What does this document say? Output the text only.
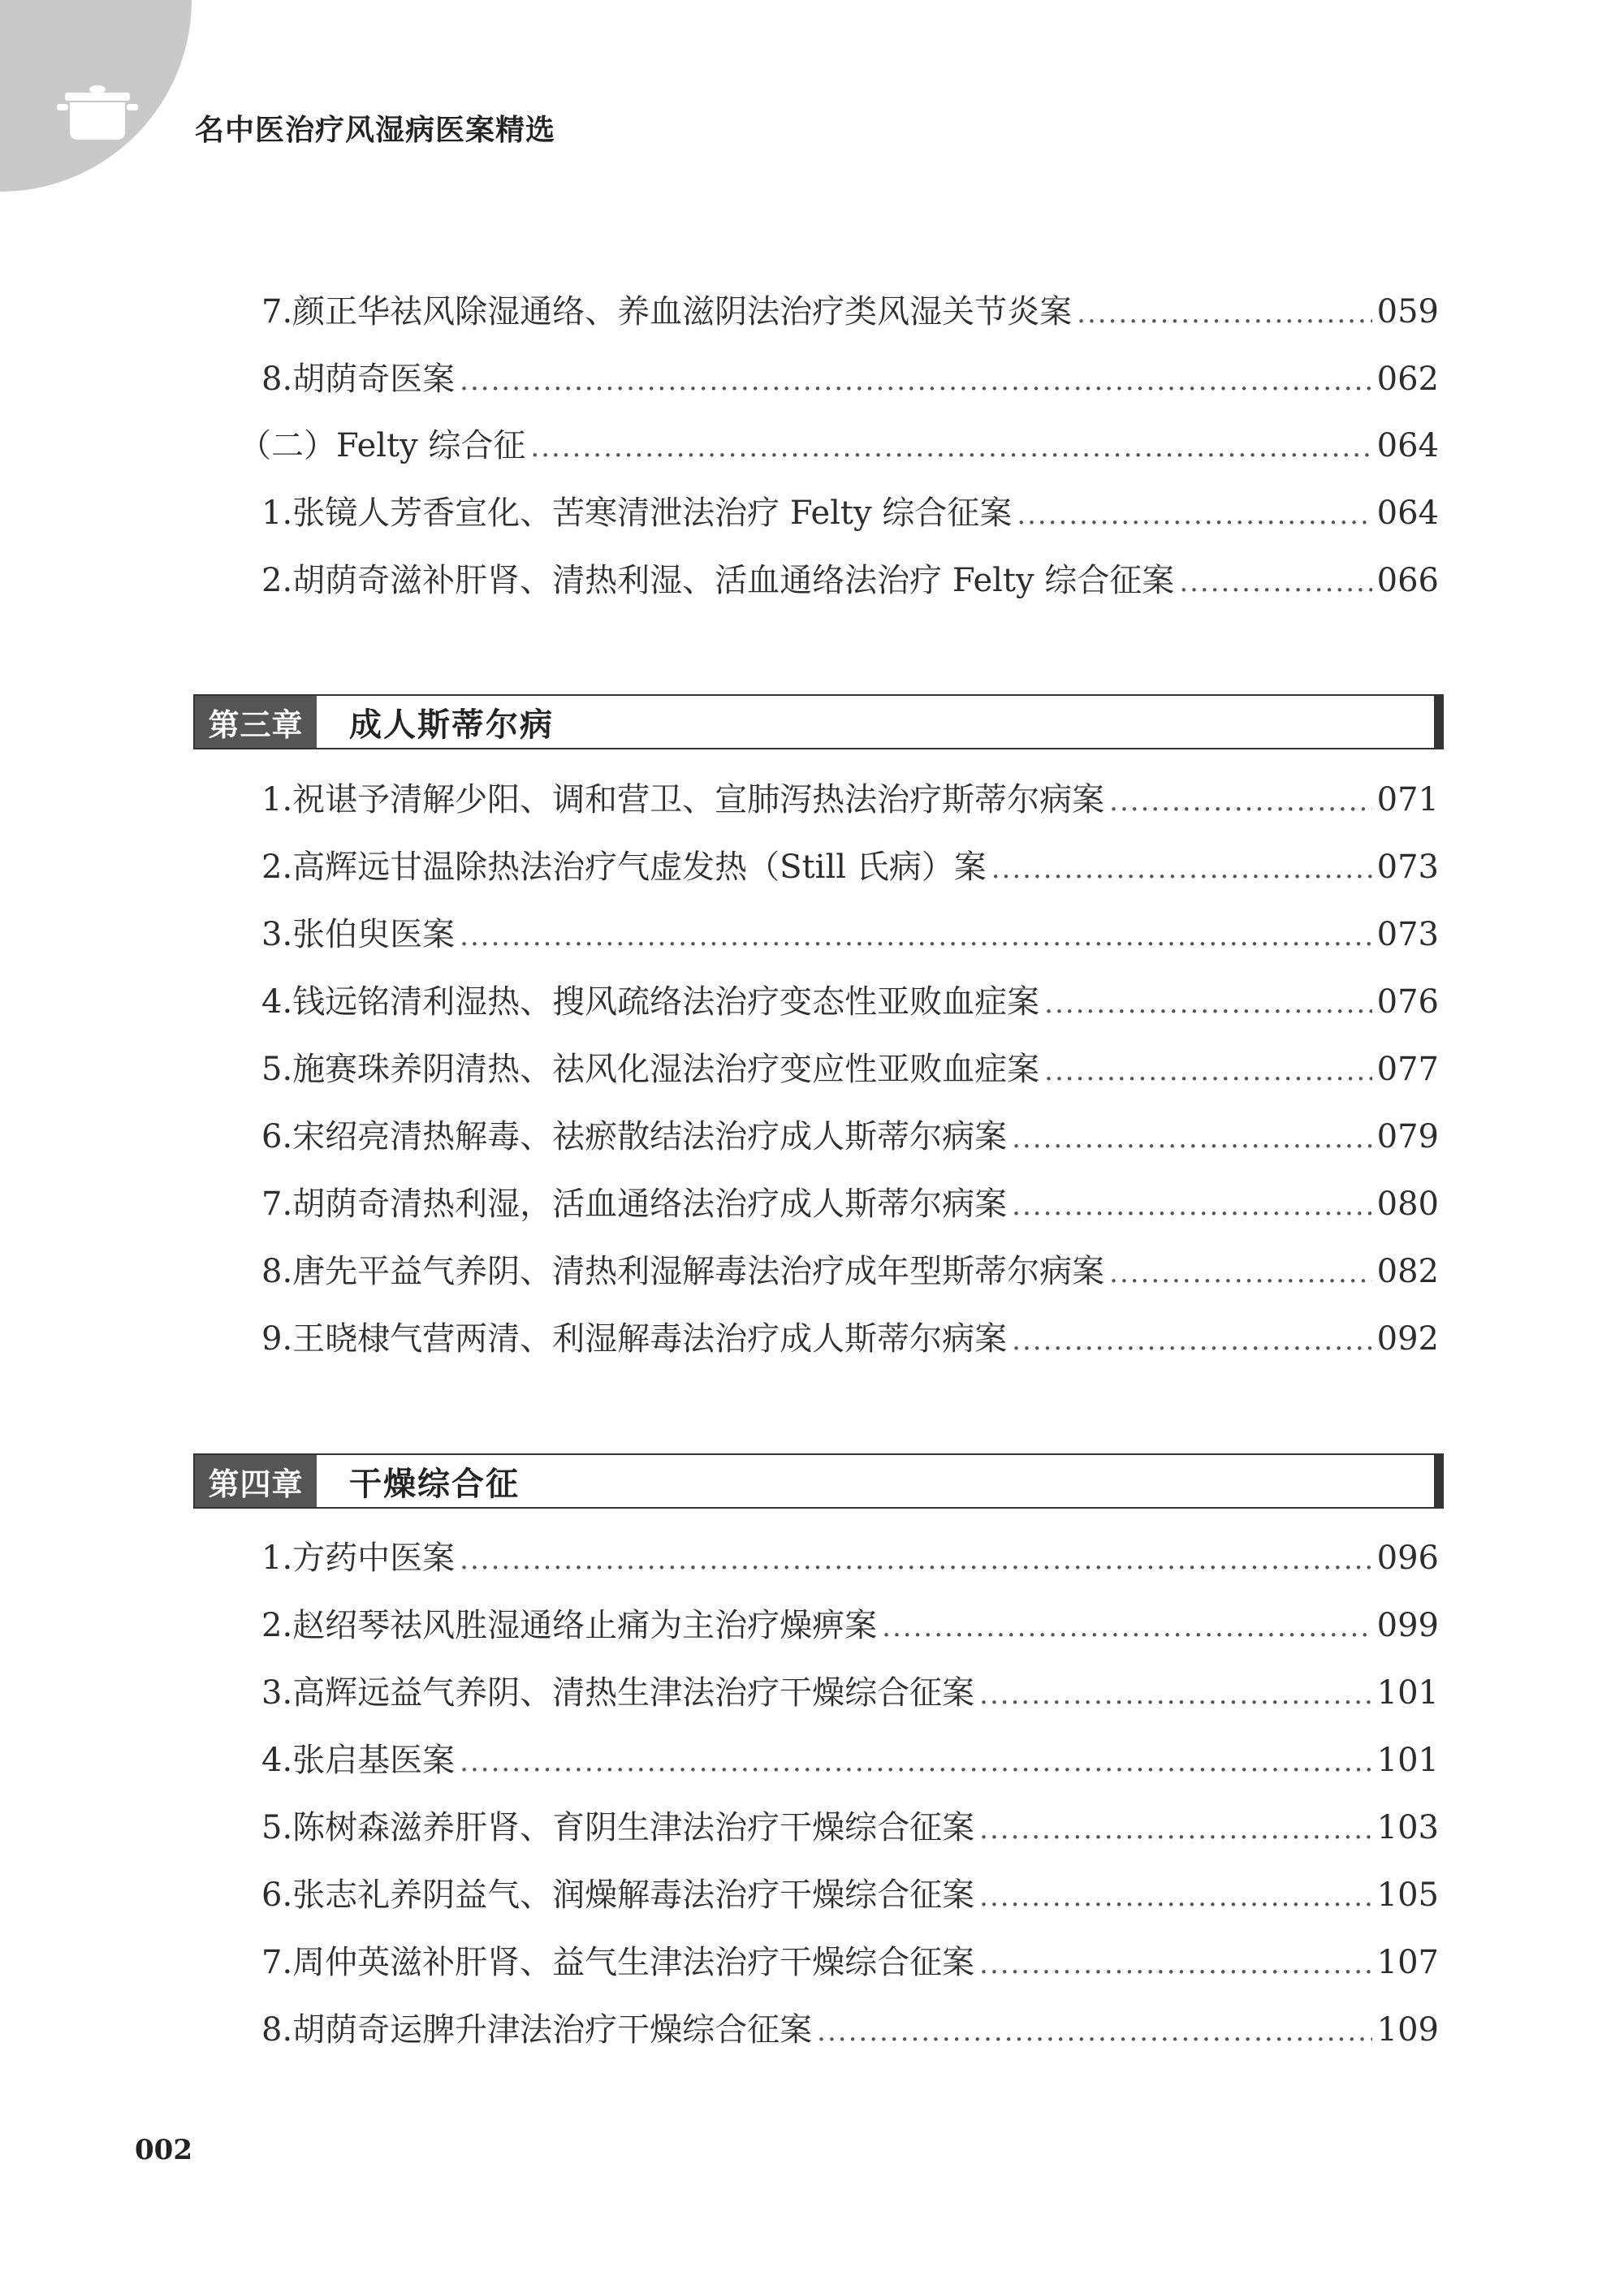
名中医治疗风湿病医案精选
7. 颜正华 祛风除湿通络、养血滋阴法治疗类风湿关节炎案 .....	059
8. 胡荫奇医案 .....	062
（二）Felty 综合征 .....	064
1. 张镜人 芳香宣化、苦寒清泄法治疗 Felty 综合征案 .....	064
2. 胡荫奇 滋补肝肾、清热利湿、活血通络法治疗 Felty 综合征案 .....	066
第三章	成人斯蒂尔病
1. 祝谌予 清解少阳、调和营卫、宣肺泻热法治疗斯蒂尔病案 .....	071
2. 高辉远 甘温除热法治疗气虚发热（Still 氏病）案 .....	073
3. 张伯臾医案 .....	073
4. 钱远铭 清利湿热、搜风疏络法治疗变态性亚败血症案 .....	076
5. 施赛珠 养阴清热、祛风化湿法治疗变应性亚败血症案 .....	077
6. 宋绍亮 清热解毒、祛瘀散结法治疗成人斯蒂尔病案 .....	079
7. 胡荫奇 清热利湿，活血通络法治疗成人斯蒂尔病案 .....	080
8. 唐先平 益气养阴、清热利湿解毒法治疗成年型斯蒂尔病案 .....	082
9. 王晓棣 气营两清、利湿解毒法治疗成人斯蒂尔病案 .....	092
第四章	干燥综合征
1. 方药中医案 .....	096
2. 赵绍琴 祛风胜湿通络止痛为主治疗燥痹案 .....	099
3. 高辉远 益气养阴、清热生津法治疗干燥综合征案 .....	101
4. 张启基医案 .....	101
5. 陈树森 滋养肝肾、育阴生津法治疗干燥综合征案 .....	103
6. 张志礼 养阴益气、润燥解毒法治疗干燥综合征案 .....	105
7. 周仲英 滋补肝肾、益气生津法治疗干燥综合征案 .....	107
8. 胡荫奇 运脾升津法治疗干燥综合征案 .....	109
002
